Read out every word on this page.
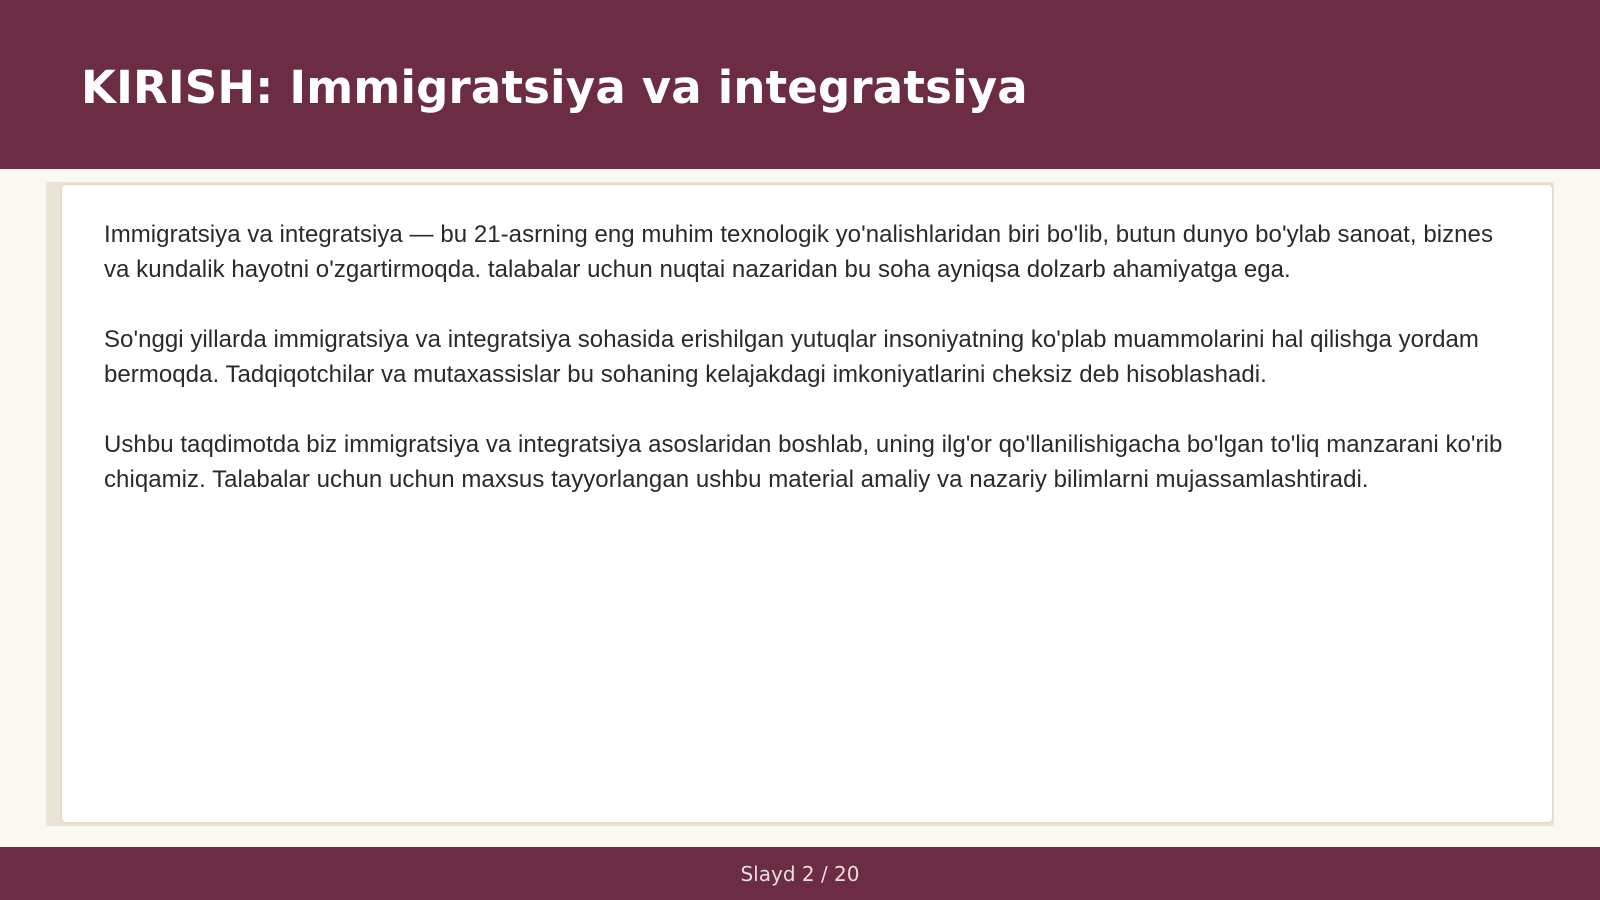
KIRISH: Immigratsiya va integratsiya

Immigratsiya va integratsiya — bu 21-asrning eng muhim texnologik yo'nalishlaridan biri bo'lib, butun dunyo bo'ylab sanoat, biznes va kundalik hayotni o'zgartirmoqda. talabalar uchun nuqtai nazaridan bu soha ayniqsa dolzarb ahamiyatga ega.

So'nggi yillarda immigratsiya va integratsiya sohasida erishilgan yutuqlar insoniyatning ko'plab muammolarini hal qilishga yordam bermoqda. Tadqiqotchilar va mutaxassislar bu sohaning kelajakdagi imkoniyatlarini cheksiz deb hisoblashadi.

Ushbu taqdimotda biz immigratsiya va integratsiya asoslaridan boshlab, uning ilg'or qo'llanilishigacha bo'lgan to'liq manzarani ko'rib chiqamiz. Talabalar uchun uchun maxsus tayyorlangan ushbu material amaliy va nazariy bilimlarni mujassamlashtiradi.

Slayd 2 / 20
